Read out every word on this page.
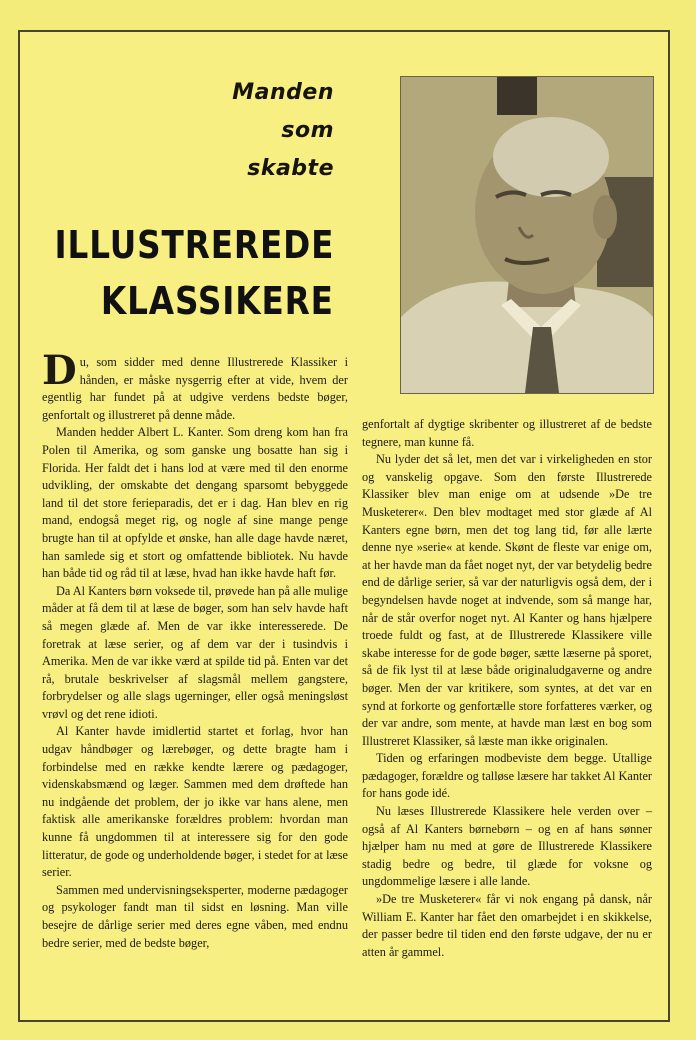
Manden
som
skabte
ILLUSTREREDE
KLASSIKERE

Du, som sidder med denne Illustrerede Klassiker i hånden, er måske nysgerrig efter at vide, hvem der egentlig har fundet på at udgive verdens bedste bøger, genfortalt og illustreret på denne måde.

Manden hedder Albert L. Kanter. Som dreng kom han fra Polen til Amerika, og som ganske ung bosatte han sig i Florida. Her faldt det i hans lod at være med til den enorme udvikling, der omskabte det dengang sparsomt bebyggede land til det store ferieparadis, det er i dag. Han blev en rig mand, endogså meget rig, og nogle af sine mange penge brugte han til at opfylde et ønske, han alle dage havde næret, han samlede sig et stort og omfattende bibliotek. Nu havde han både tid og råd til at læse, hvad han ikke havde haft før.

Da Al Kanters børn voksede til, prøvede han på alle mulige måder at få dem til at læse de bøger, som han selv havde haft så megen glæde af. Men de var ikke interesserede. De foretrak at læse serier, og af dem var der i tusindvis i Amerika. Men de var ikke værd at spilde tid på. Enten var det rå, brutale beskrivelser af slagsmål mellem gangstere, forbrydelser og alle slags ugerninger, eller også meningsløst vrøvl og det rene idioti.

Al Kanter havde imidlertid startet et forlag, hvor han udgav håndbøger og lærebøger, og dette bragte ham i forbindelse med en række kendte lærere og pædagoger, videnskabsmænd og læger. Sammen med dem drøftede han nu indgående det problem, der jo ikke var hans alene, men faktisk alle amerikanske forældres problem: hvordan man kunne få ungdommen til at interessere sig for den gode litteratur, de gode og underholdende bøger, i stedet for at læse serier.

Sammen med undervisningseksperter, moderne pædagoger og psykologer fandt man til sidst en løsning. Man ville besejre de dårlige serier med deres egne våben, med endnu bedre serier, med de bedste bøger,

genfortalt af dygtige skribenter og illustreret af de bedste tegnere, man kunne få.

Nu lyder det så let, men det var i virkeligheden en stor og vanskelig opgave. Som den første Illustrerede Klassiker blev man enige om at udsende »De tre Musketerer«. Den blev modtaget med stor glæde af Al Kanters egne børn, men det tog lang tid, før alle lærte denne nye »serie« at kende. Skønt de fleste var enige om, at her havde man da fået noget nyt, der var betydelig bedre end de dårlige serier, så var der naturligvis også dem, der i begyndelsen havde noget at indvende, som så mange har, når de står overfor noget nyt. Al Kanter og hans hjælpere troede fuldt og fast, at de Illustrerede Klassikere ville skabe interesse for de gode bøger, sætte læserne på sporet, så de fik lyst til at læse både originaludgaverne og andre bøger. Men der var kritikere, som syntes, at det var en synd at forkorte og genfortælle store forfatteres værker, og der var andre, som mente, at havde man læst en bog som Illustreret Klassiker, så læste man ikke originalen.

Tiden og erfaringen modbeviste dem begge. Utallige pædagoger, forældre og talløse læsere har takket Al Kanter for hans gode idé.

Nu læses Illustrerede Klassikere hele verden over – også af Al Kanters børnebørn – og en af hans sønner hjælper ham nu med at gøre de Illustrerede Klassikere stadig bedre og bedre, til glæde for voksne og ungdommelige læsere i alle lande.

»De tre Musketerer« får vi nok engang på dansk, når William E. Kanter har fået den omarbejdet i en skikkelse, der passer bedre til tiden end den første udgave, der nu er atten år gammel.
